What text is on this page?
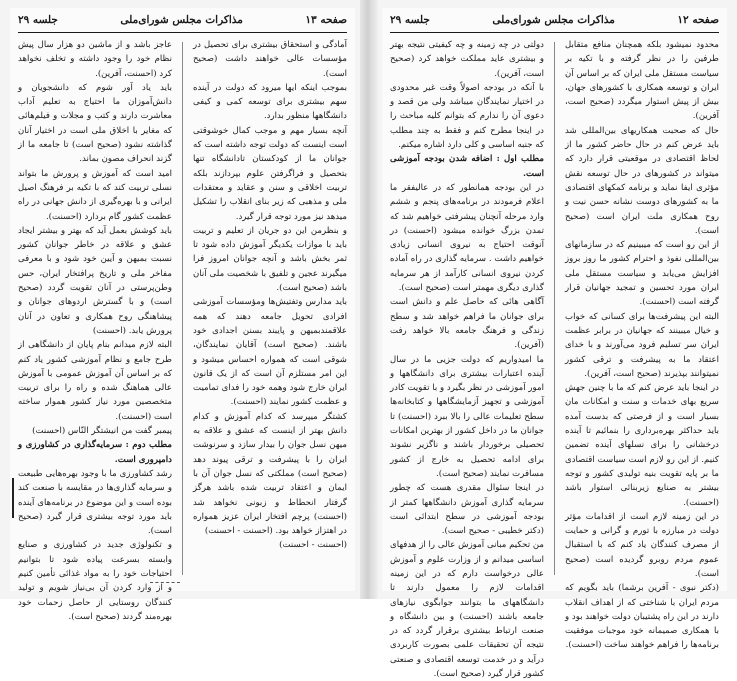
صفحه ۱۳
مذاکرات مجلس شورای‌ملی
جلسه ۲۹

آمادگی و استحقاق بیشتری برای تحصیل در مؤسسات عالی خواهند داشت (صحیح است).

بموجب اینکه ایها میرود که دولت در آینده سهم بیشتری برای توسعه کمی و کیفی دانشگاهها منظور بدارد.

آنچه بسیار مهم و موجب کمال خوشوقتی است اینست که دولت توجه داشته است که جوانان ما از کودکستان تادانشگاه تنها بتحصیل و فراگرفتن علوم بپردازند بلکه تربیت اخلاقی و سنن و عقاید و معتقدات ملی و مذهبی که زیر بنای انقلاب را تشکیل میدهد نیز مورد توجه قرار گیرد.

و بنظرمن این دو جریان از تعلیم و تربیت باید با موازات یکدیگر آموزش داده شود تا ثمر بخش باشد و آنچه جوانان امروز فرا میگیرند عجین و تلفیق با شخصیت ملی آنان باشد (صحیح است).

باید مدارس وتفتیش‌ها ومؤسسات آموزشی افرادی تحویل جامعه دهند که همه علاقمندبمیهن و پایبند بسنن اجدادی خود باشند. (صحیح است) آقایان نمایندگان، شوقی است که همواره احساس میشود و این امر مستلزم آن است که از یک قانون ایران خارج شود وهمه خود را فدای تمامیت و عظمت کشور نمایند (احسنت).

کشتگر میپرسد که کدام آموزش و کدام دانش بهتر از اینست که عشق و علاقه به میهن نسل جوان را بیدار سازد و سرنوشت ایران را با پیشرفت و ترقی پیوند دهد (صحیح است) مملکتی که نسل جوان آن با ایمان و اعتقاد تربیت شده باشد هرگز گرفتار انحطاط و زبونی نخواهد شد (احسنت) پرچم افتخار ایران عزیز همواره در اهتزاز خواهد بود. (احسنت - احسنت)

(احسنت - احسنت)

عاجز باشد و از ماشین دو هزار سال پیش نظام خود را وجود داشته و تخلف نخواهد کرد (احسنت، آفرین).

باید یاد آور شوم که دانشجویان و دانش‌آموزان ما احتیاج به تعلیم آداب معاشرت دارند و کتب و مجلات و فیلم‌هائی که مغایر با اخلاق ملی است در اختیار آنان گذاشته نشود (صحیح است) تا جامعه ما از گزند انحراف مصون بماند.

امید است که آموزش و پرورش ما بتواند نسلی تربیت کند که با تکیه بر فرهنگ اصیل ایرانی و با بهره‌گیری از دانش جهانی در راه عظمت کشور گام بردارد (احسنت).

باید کوشش بعمل آید که بهتر و بیشتر ایجاد عشق و علاقه در خاطر جوانان کشور نسبت بمیهن و آیین خود شود و با معرفی مفاخر ملی و تاریخ پرافتخار ایران، حس وطن‌پرستی در آنان تقویت گردد (صحیح است) و با گسترش اردوهای جوانان و پیشاهنگی روح همکاری و تعاون در آنان پرورش یابد. (احسنت)

البته لازم میدانم بنام پایان از دانشگاهی از طرح جامع و نظام آموزشی کشور یاد کنم که بر اساس آن آموزش عمومی با آموزش عالی هماهنگ شده و راه را برای تربیت متخصصین مورد نیاز کشور هموار ساخته است (احسنت).

پیمبر گفت من انیشتگر النّاس (احسنت)

مطلب دوم : سرمایه‌گذاری در کشاورزی و دامپروری است.

رشد کشاورزی ما با وجود بهره‌هایی طبیعت و سرمایه گذاری‌ها در مقایسه با صنعت کند بوده است و این موضوع در برنامه‌های آینده باید مورد توجه بیشتری قرار گیرد (صحیح است).

و تکنولوژی جدید در کشاورزی و صنایع وابسته بسرعت پیاده شود تا بتوانیم احتیاجات خود را به مواد غذائی تأمین کنیم و از وارد کردن آن بی‌نیاز شویم و تولید کنندگان روستایی از حاصل زحمات خود بهره‌مند گردند (صحیح است).

صفحه ۱۲
مذاکرات مجلس شورای‌ملی
جلسه ۲۹

محدود نمیشود بلکه همچنان منافع متقابل طرفین را در نظر گرفته و با تکیه بر سیاست مستقل ملی ایران که بر اساس آن ایران و توسعه همکاری با کشورهای جهان، بیش از پیش استوار میگردد (صحیح است، آفرین).

حال که صحبت همکاریهای بین‌المللی شد باید عرض کنم در حال حاضر کشور ما از لحاظ اقتصادی در موقعیتی قرار دارد که میتواند در کشورهای در حال توسعه نقش مؤثری ایفا نماید و برنامه کمکهای اقتصادی ما به کشورهای دوست نشانه حسن نیت و روح همکاری ملت ایران است (صحیح است).

از این رو است که میبینیم که در سازمانهای بین‌المللی نفوذ و احترام کشور ما روز بروز افزایش می‌یابد و سیاست مستقل ملی ایران مورد تحسین و تمجید جهانیان قرار گرفته است (احسنت).

البته این پیشرفت‌ها برای کسانی که خواب و خیال میبینند که جهانیان در برابر عظمت ایران سر تسلیم فرود می‌آورند و با خدای اعتقاد ما به پیشرفت و ترقی کشور نمیتوانند بپذیرند (صحیح است، آفرین).

در اینجا باید عرض کنم که ما با چنین جهش سریع بهای خدمات و سنت و امکانات مان بسیار است و از فرصتی که بدست آمده باید حداکثر بهره‌برداری را بنمائیم تا آینده درخشانی را برای نسلهای آینده تضمین کنیم. از این رو لازم است سیاست اقتصادی ما بر پایه تقویت بنیه تولیدی کشور و توجه بیشتر به صنایع زیربنائی استوار باشد (احسنت).

در این زمینه لازم است از اقدامات مؤثر دولت در مبارزه با تورم و گرانی و حمایت از مصرف کنندگان یاد کنم که با استقبال عموم مردم روبرو گردیده است (صحیح است).

(دکتر نبوی - آفرین برشما) باید بگویم که مردم ایران با شناختی که از اهداف انقلاب دارند در این راه پشتیبان دولت خواهند بود و با همکاری صمیمانه خود موجبات موفقیت برنامه‌ها را فراهم خواهند ساخت (احسنت).

دولتی در چه زمینه و چه کیفیتی نتیجه بهتر و بیشتری عاید مملکت خواهد کرد (صحیح است، آفرین).

با آنکه در بودجه اصولاً وقت غیر محدودی در اختیار نمایندگان میباشد ولی من قصد و دعوی آن را ندارم که بتوانم کلیه مباحث را در اینجا مطرح کنم و فقط به چند مطلب که جنبه اساسی و کلی دارد اشاره میکنم.

مطلب اول : اضافه شدن بودجه آموزشی است.

در این بودجه همانطور که در عالیفقر ما اعلام فرمودند در برنامه‌های پنجم و ششم وارد مرحله آنچنان پیشرفتی خواهیم شد که تمدن بزرگ خوانده میشود (احسنت) در آنوقت احتیاج به نیروی انسانی زیادی خواهیم داشت . سرمایه گذاری در راه آماده کردن نیروی انسانی کارآمد از هر سرمایه گذاری دیگری مهمتر است (صحیح است).

آگاهی هائی که حاصل علم و دانش است برای جوانان ما فراهم خواهد شد و سطح زندگی و فرهنگ جامعه بالا خواهد رفت (آفرین).

ما امیدواریم که دولت جزیی ما در سال آینده اعتبارات بیشتری برای دانشگاهها و امور آموزشی در نظر بگیرد و با تقویت کادر آموزشی و تجهیز آزمایشگاهها و کتابخانه‌ها سطح تعلیمات عالی را بالا ببرد (احسنت) تا جوانان ما در داخل کشور از بهترین امکانات تحصیلی برخوردار باشند و ناگزیر نشوند برای ادامه تحصیل به خارج از کشور مسافرت نمایند (صحیح است).

در اینجا سئوال مقدری هست که چطور سرمایه گذاری آموزش دانشگاهها کمتر از بودجه آموزشی در سطح ابتدائی است (دکتر خطیبی - صحیح است).

من تحکیم مبانی آموزش عالی را از هدفهای اساسی میدانم و از وزارت علوم و آموزش عالی درخواست دارم که در این زمینه اقدامات لازم را معمول دارند تا دانشگاههای ما بتوانند جوابگوی نیازهای جامعه باشند (احسنت) و بین دانشگاه و صنعت ارتباط بیشتری برقرار گردد که در نتیجه آن تحقیقات علمی بصورت کاربردی درآید و در خدمت توسعه اقتصادی و صنعتی کشور قرار گیرد (صحیح است).
